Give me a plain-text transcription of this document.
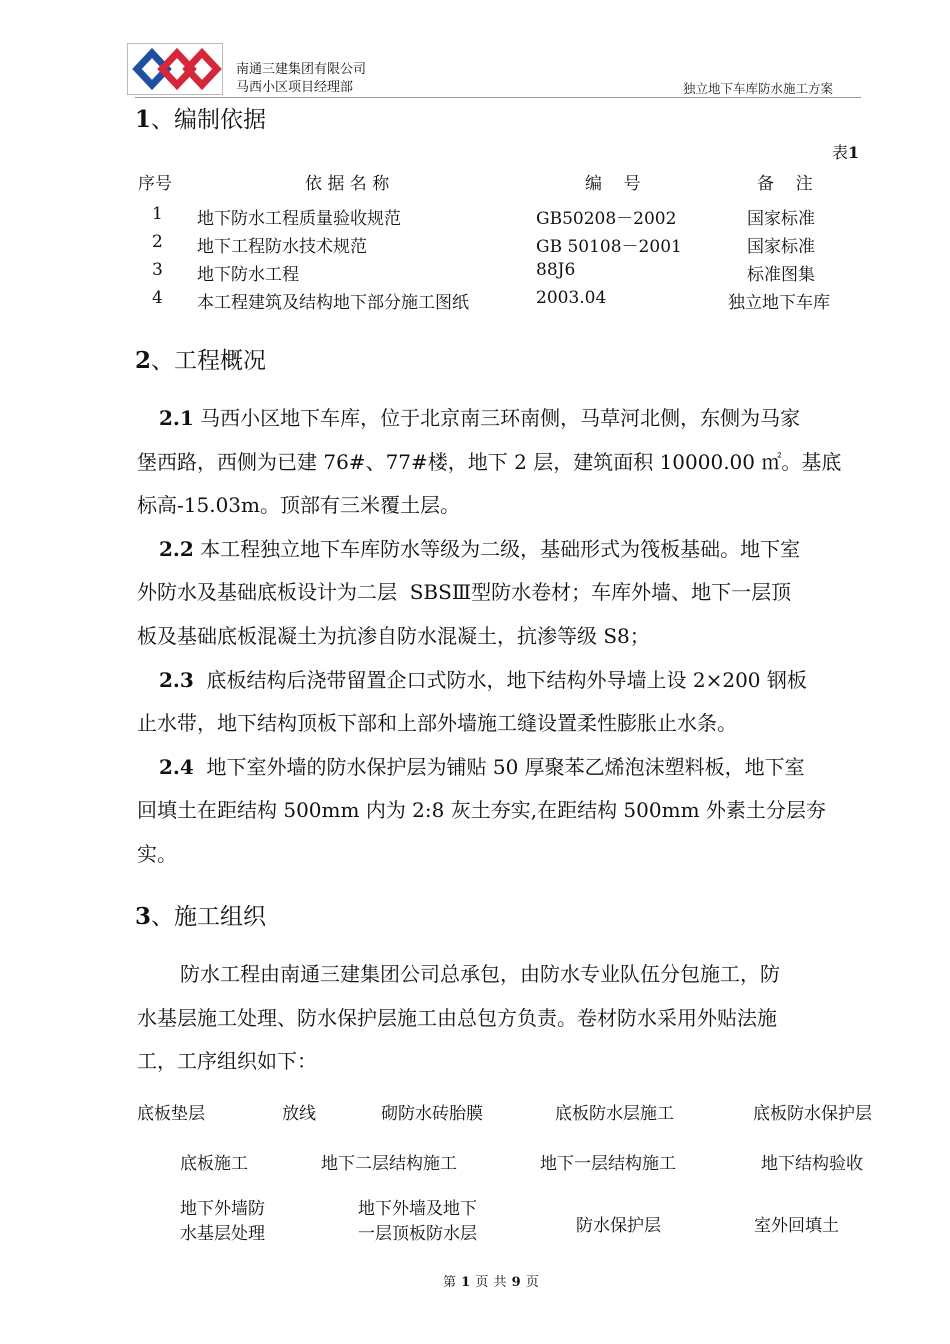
南通三建集团有限公司
马西小区项目经理部	独立地下车库防水施工方案
1、编制依据
表1
序号	依 据 名 称	编    号	备    注
1 地下防水工程质量验收规范	GB50208－2002	国家标准
2 地下工程防水技术规范	GB 50108－2001	国家标准
3 地下防水工程	88J6	标准图集
4 本工程建筑及结构地下部分施工图纸	2003.04	独立地下车库
2、工程概况
2.1 马西小区地下车库，位于北京南三环南侧，马草河北侧，东侧为马家
堡西路，西侧为已建 76#、77#楼，地下 2 层，建筑面积 10000.00 ㎡。基底
标高-15.03m。顶部有三米覆土层。
2.2 本工程独立地下车库防水等级为二级，基础形式为筏板基础。地下室
外防水及基础底板设计为二层  SBSⅢ型防水卷材；车库外墙、地下一层顶
板及基础底板混凝土为抗渗自防水混凝土，抗渗等级 S8；
2.3  底板结构后浇带留置企口式防水，地下结构外导墙上设 2×200 钢板
止水带，地下结构顶板下部和上部外墙施工缝设置柔性膨胀止水条。
2.4  地下室外墙的防水保护层为铺贴 50 厚聚苯乙烯泡沫塑料板，地下室
回填土在距结构 500mm 内为 2:8 灰土夯实,在距结构 500mm 外素土分层夯
实。
3、施工组织
防水工程由南通三建集团公司总承包，由防水专业队伍分包施工，防
水基层施工处理、防水保护层施工由总包方负责。卷材防水采用外贴法施
工，工序组织如下：
底板垫层	放线	砌防水砖胎膜	底板防水层施工	底板防水保护层
底板施工	地下二层结构施工	地下一层结构施工	地下结构验收
地下外墙防
水基层处理
地下外墙及地下
一层顶板防水层	防水保护层	室外回填土
第 1 页 共 9 页
